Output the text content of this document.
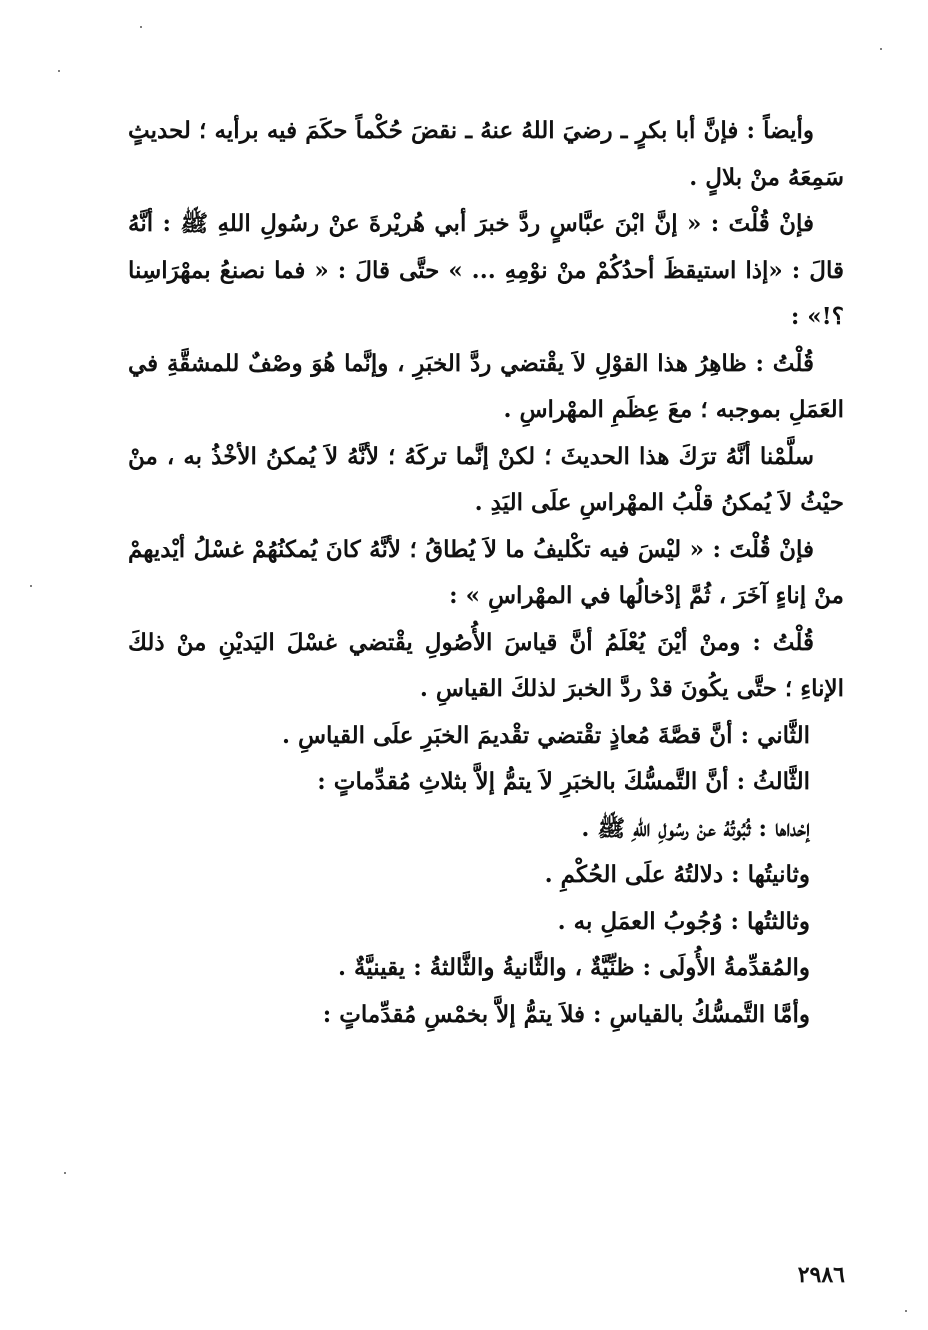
وأيضاً : فإنَّ أبا بكرٍ ـ رضيَ اللهُ عنهُ ـ نقضَ حُكْماً حكَمَ فيه برأيه ؛ لحديثٍ سَمِعَهُ منْ بلالٍ .

فإنْ قُلْتَ : « إنَّ ابْنَ عبَّاسٍ ردَّ خبرَ أبي هُريْرةَ عنْ رسُولِ اللهِ ﷺ : أنَّهُ قالَ : «إذا استيقظَ أحدُكُمْ منْ نوْمِهِ ... » حتَّى قالَ : « فما نصنعُ بمهْرَاسِنا ؟!» :

قُلْتُ : ظاهِرُ هذا القوْلِ لاَ يقْتضي ردَّ الخبَرِ ، وإنَّما هُوَ وصْفٌ للمشقَّةِ في العَمَلِ بموجبه ؛ معَ عِظَمِ المهْراسِ .

سلَّمْنا أنَّهُ ترَكَ هذا الحديثَ ؛ لكنْ إنَّما تركَهُ ؛ لأنَّهُ لاَ يُمكنُ الأخْذُ به ، منْ حيْثُ لاَ يُمكنُ قلْبُ المهْراسِ علَى اليَدِ .

فإنْ قُلْتَ : « ليْسَ فيه تكْليفُ ما لاَ يُطاقُ ؛ لأنَّهُ كانَ يُمكنُهُمْ غسْلُ أيْديهمْ منْ إناءٍ آخَرَ ، ثُمَّ إدْخالُها في المهْراسِ » :

قُلْتُ : ومنْ أيْنَ يُعْلَمُ أنَّ قياسَ الأُصُولِ يقْتضي غسْلَ اليَديْنِ منْ ذلكَ الإناءِ ؛ حتَّى يكُونَ قدْ ردَّ الخبرَ لذلكَ القياسِ .

الثَّاني : أنَّ قصَّةَ مُعاذٍ تقْتضي تقْديمَ الخبَرِ علَى القياسِ .

الثَّالثُ : أنَّ التَّمسُّكَ بالخبَرِ لاَ يتمُّ إلاَّ بثلاثِ مُقدِّماتٍ :

إحْداها : ثُبُوتُهُ عنْ رسُولِ اللهِ ﷺ .

وثانيتُها : دلالتُهُ علَى الحُكْمِ .

وثالثتُها : وُجُوبُ العمَلِ به .

والمُقدِّمةُ الأُولَى : ظنِّيَّةٌ ، والثَّانيةُ والثَّالثةُ : يقينيَّةٌ .

وأمَّا التَّمسُّكُ بالقياسِ : فلاَ يتمُّ إلاَّ بخمْسِ مُقدِّماتٍ :

٢٩٨٦
